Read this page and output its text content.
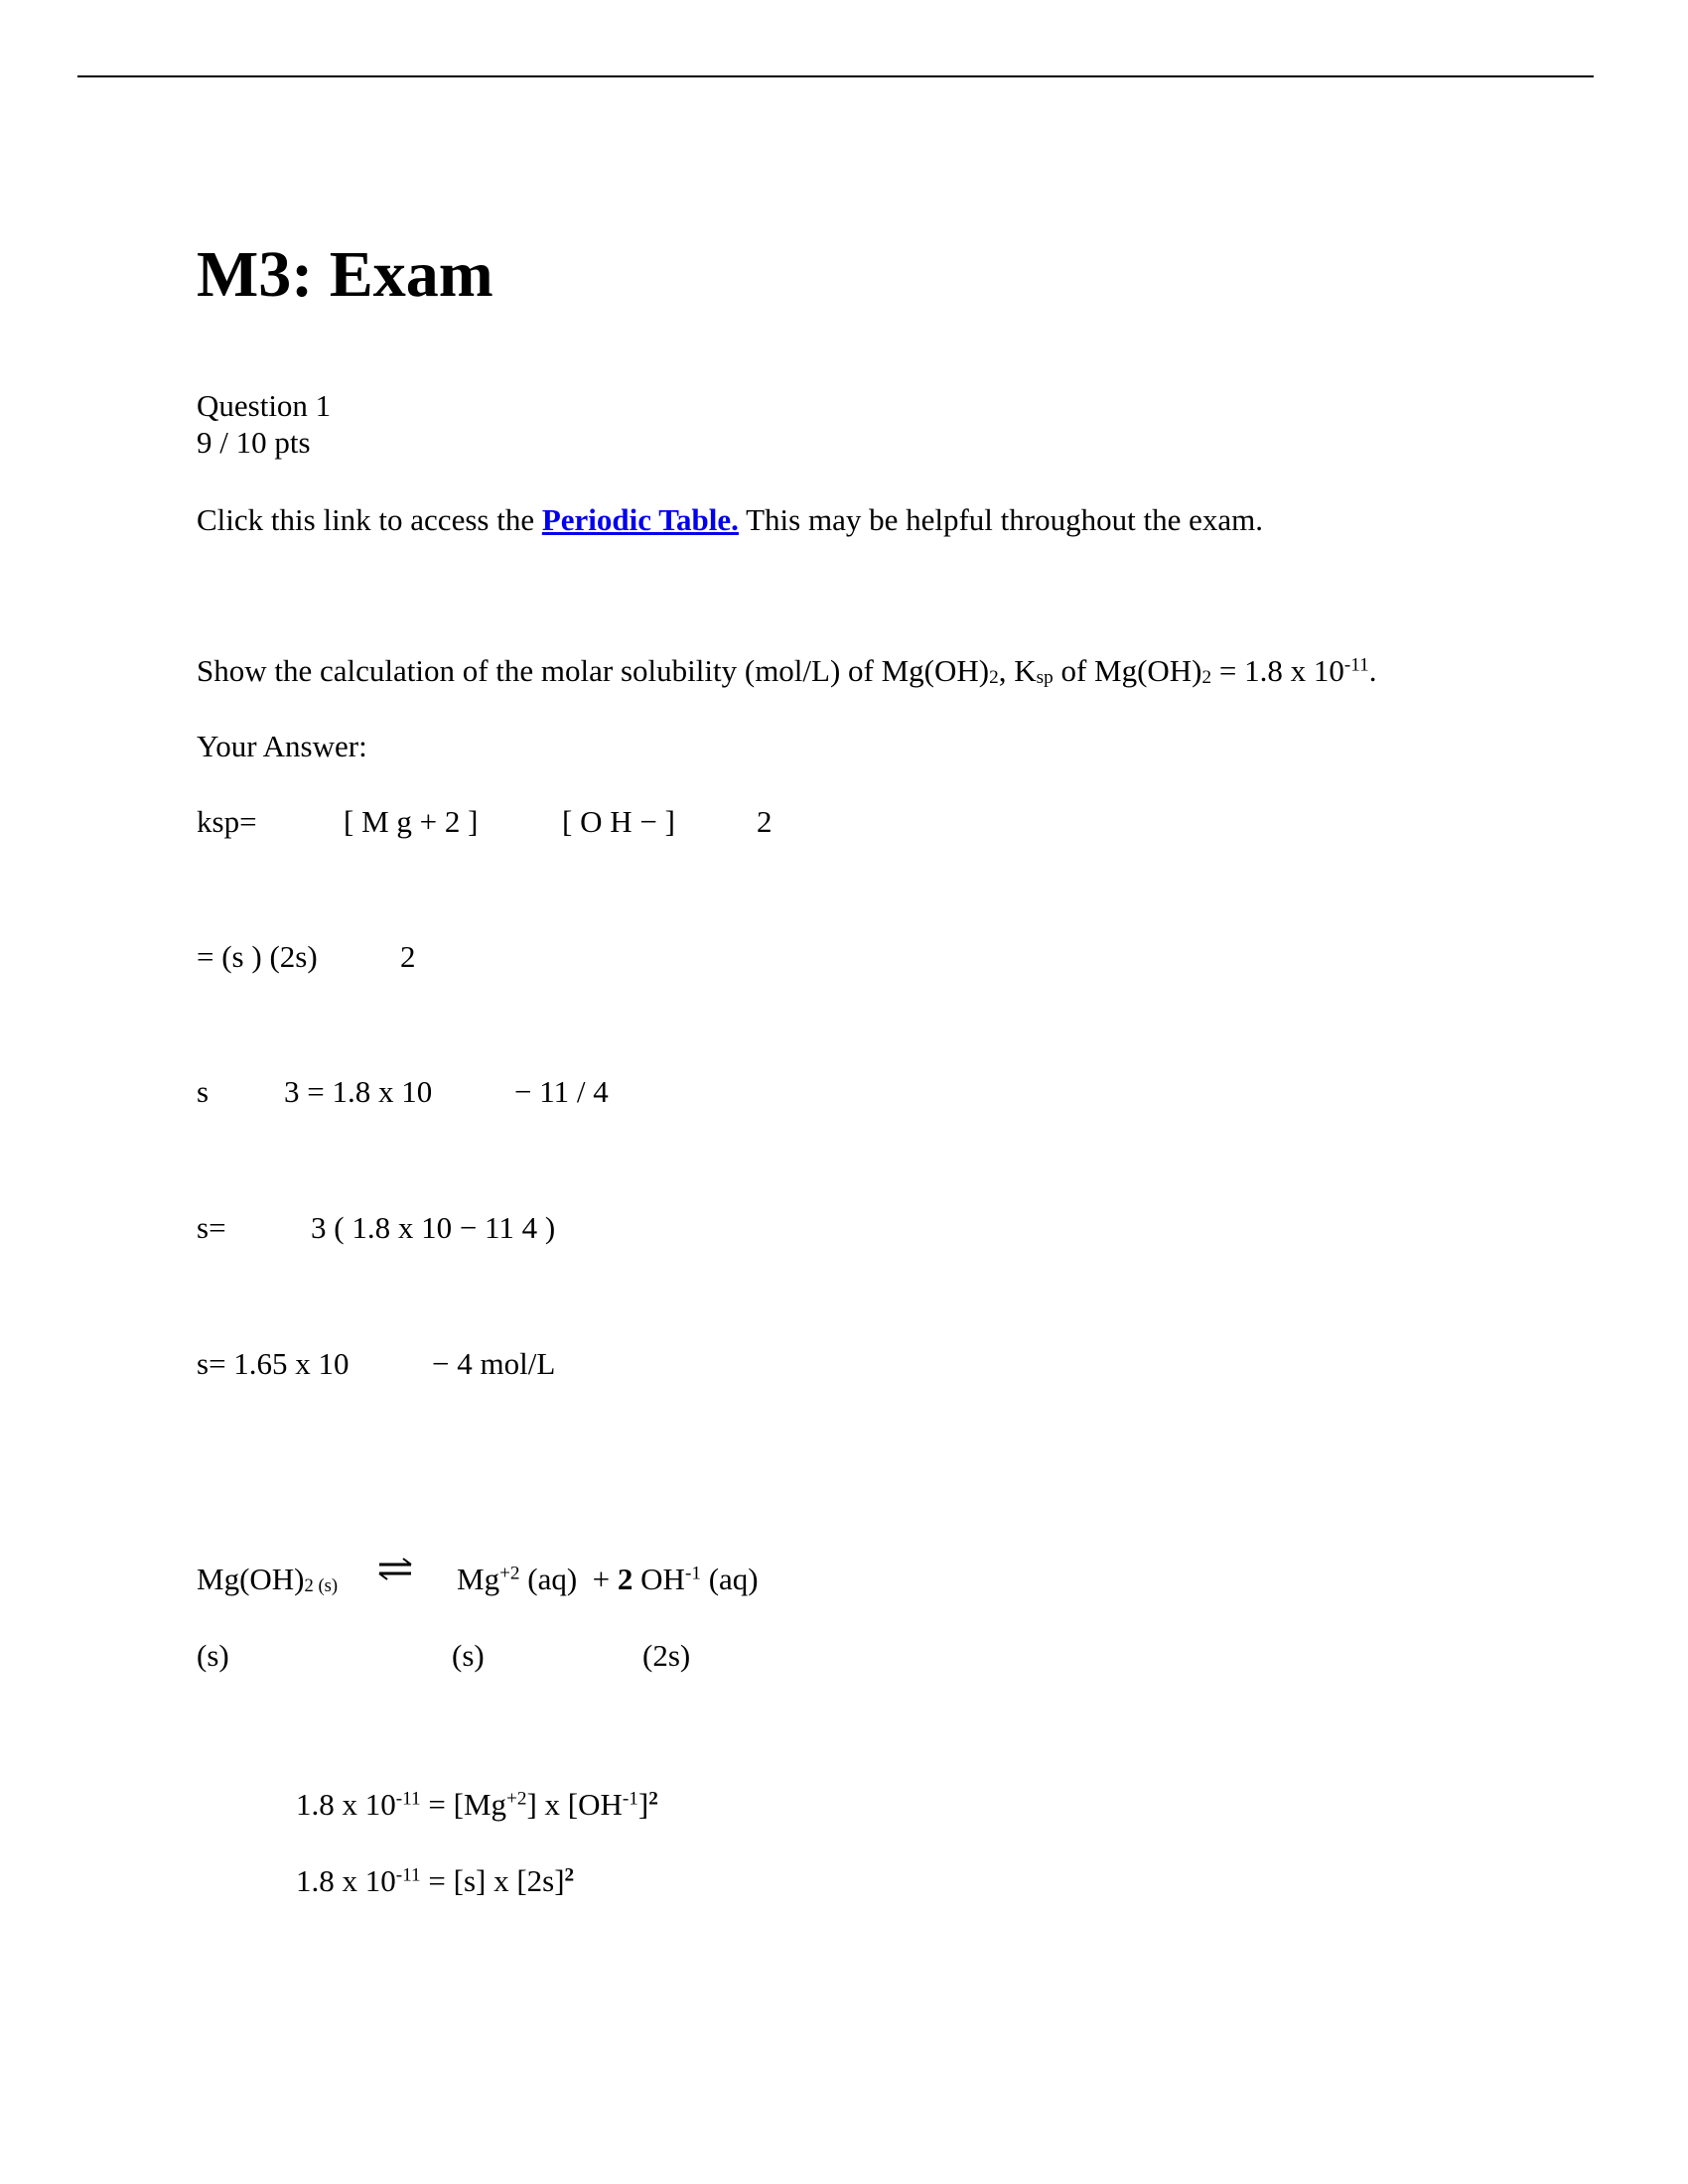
M3: Exam
Question 1
9 / 10 pts
Click this link to access the Periodic Table. This may be helpful throughout the exam.
Show the calculation of the molar solubility (mol/L) of $Mg(OH)_2$, $K_{sp}$ of $Mg(OH)_2 = 1.8$ x $10^{-11}$.
Your Answer:
ksp=	[ M g + 2 ]	[ O H − ]	2
= (s ) (2s)	2
s 3 = 1.8 x 10	− 11 / 4
s=	3 ( 1.8 x 10 − 11 4 )
s= 1.65 x 10	− 4 mol/L
$Mg(OH)_{2 (s)}$ ⇌ $Mg^{+2}$ (aq)  + 2 $OH^{-1}$ (aq)
(s)	(s)	(2s)
1.8 x $10^{-11} = [Mg^{+2}]$ x $[OH^{-1}]^2$
1.8 x $10^{-11} = [s]$ x $[2s]^2$
